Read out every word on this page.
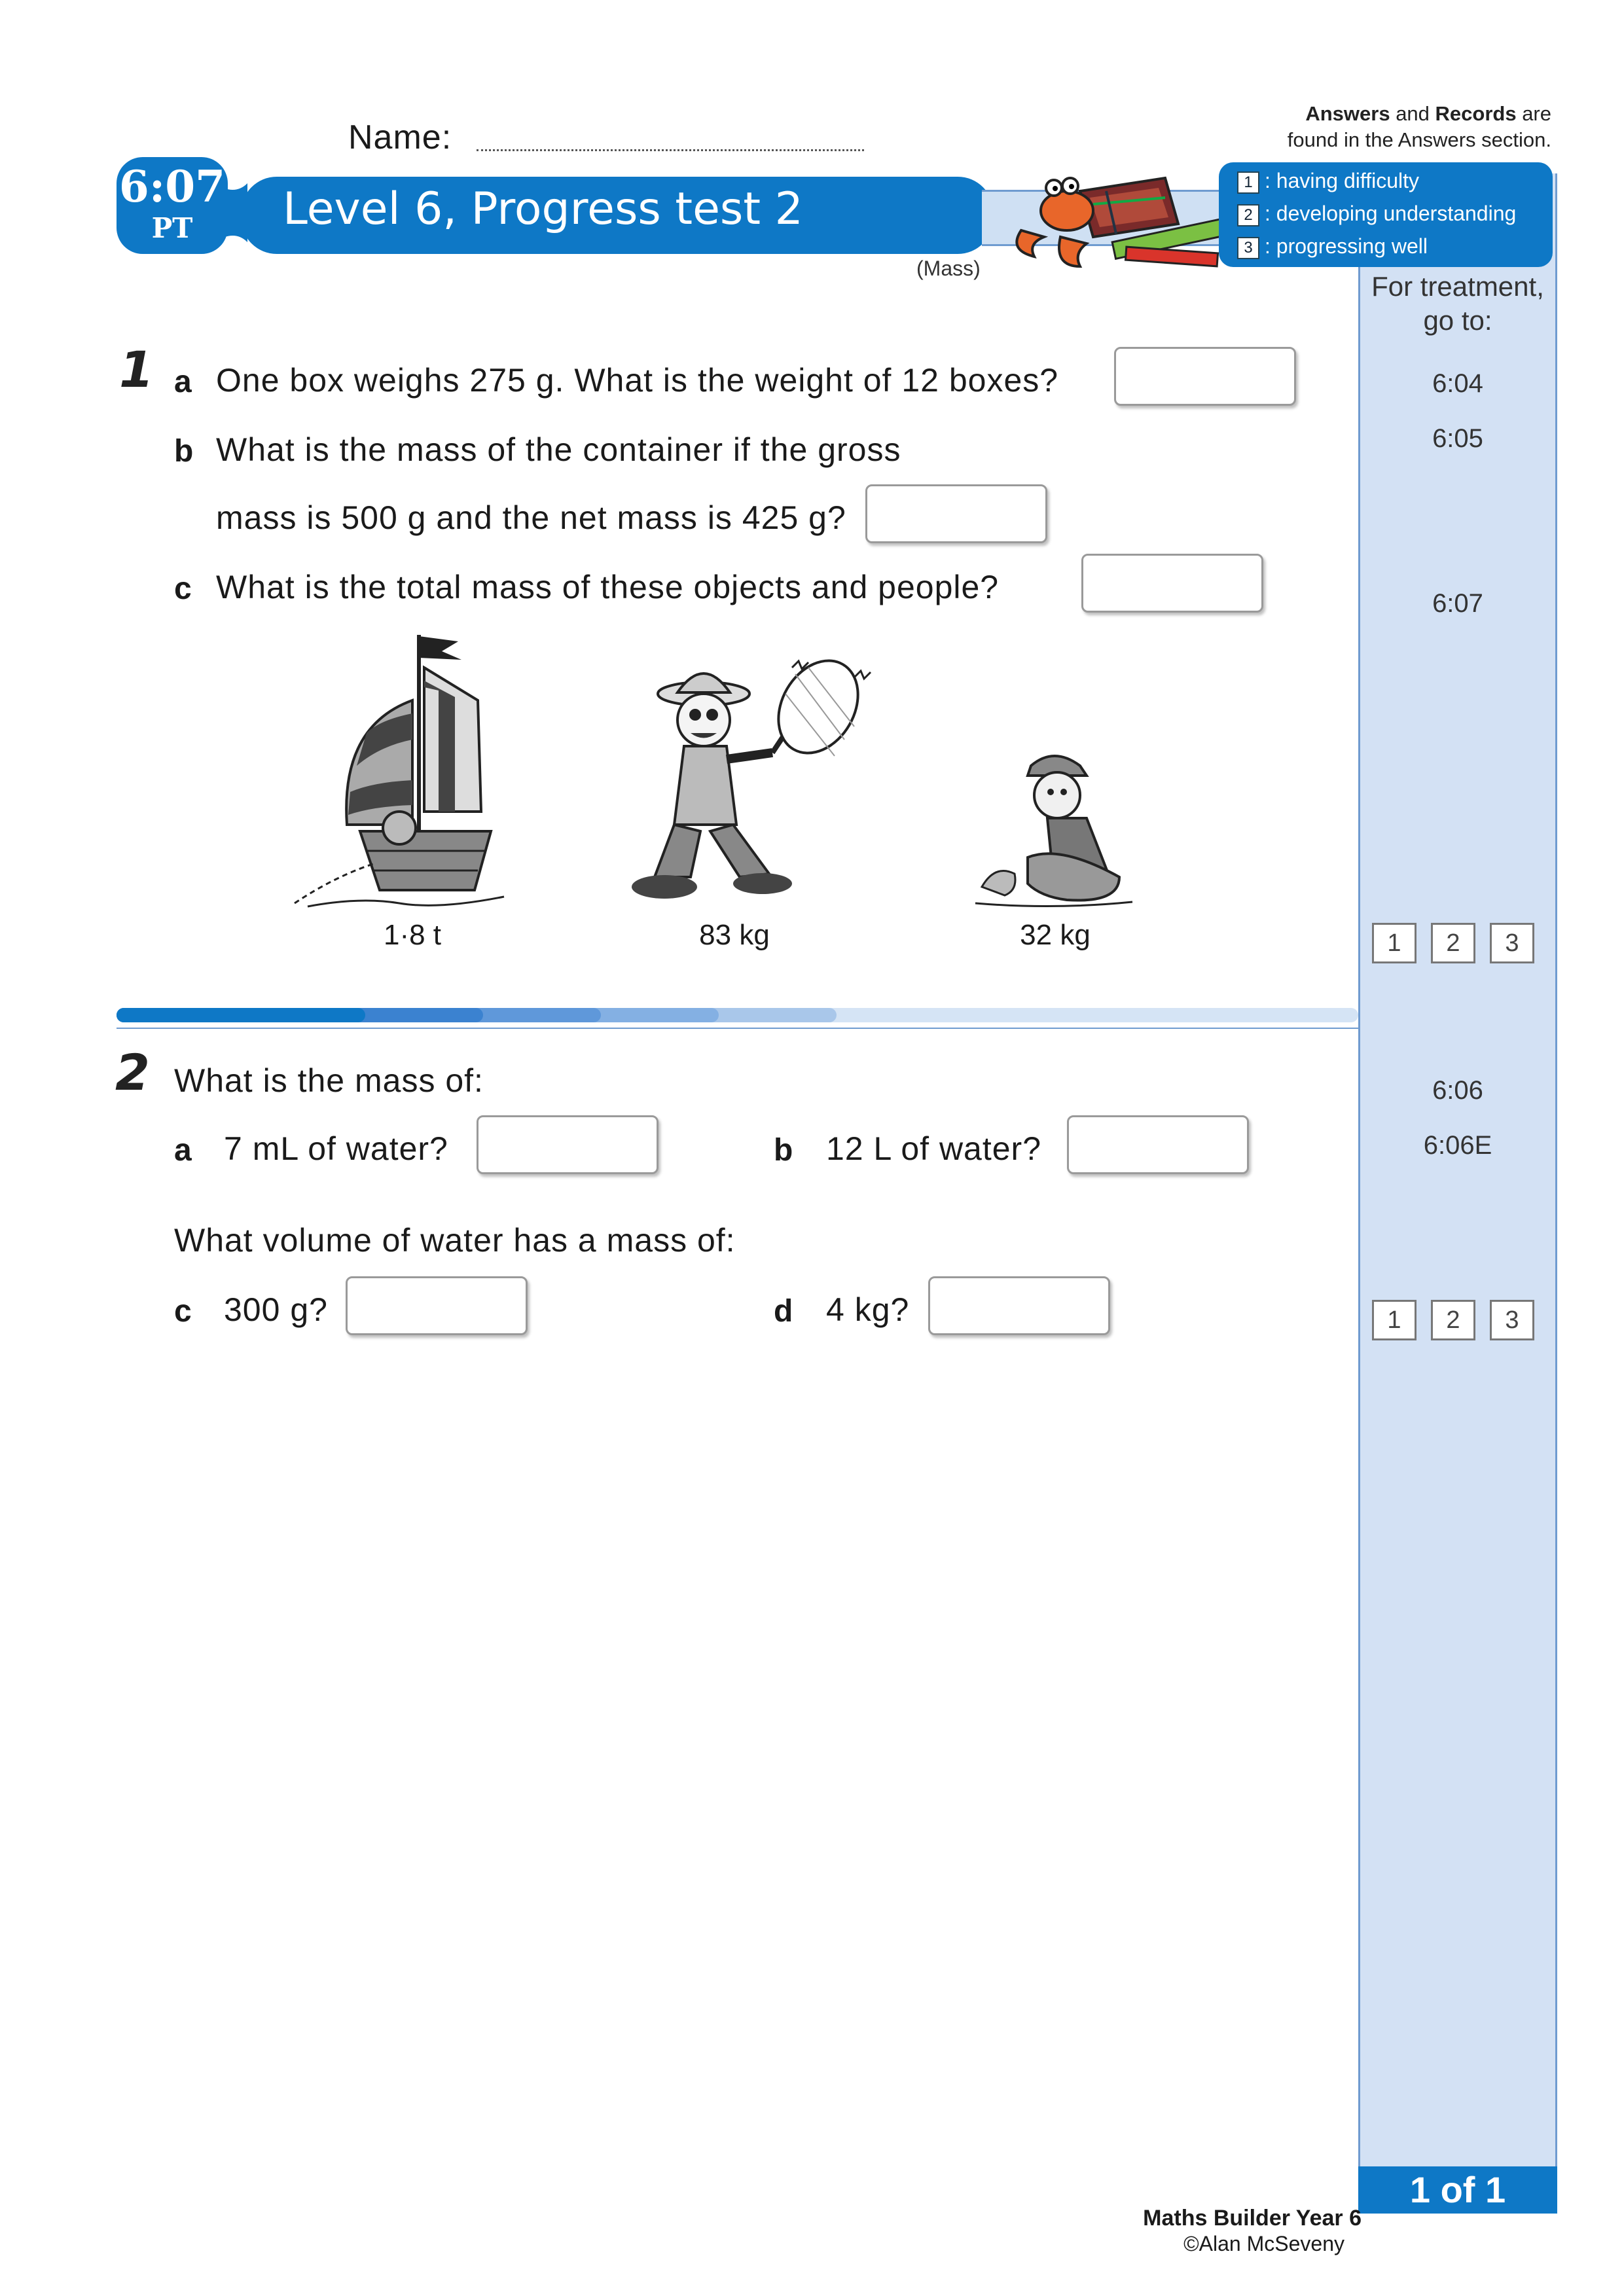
Name:
6:07
PT	Level 6, Progress test 2
(Mass)
Answers and Records are
found in the Answers section.
1 : having difficulty
2 : developing understanding
3 : progressing well
For treatment,
go to:
6:04
6:05
6:07
6:06
6:06E
1	2	3
1	2	3
1 of 1
1 a One box weighs 275 g. What is the weight of 12 boxes?
b What is the mass of the container if the gross
mass is 500 g and the net mass is 425 g?
c What is the total mass of these objects and people?
1·8 t	83 kg	32 kg
2 What is the mass of:
a 7 mL of water?	b 12 L of water?
What volume of water has a mass of:
c 300 g?	d 4 kg?
Maths Builder Year 6
©Alan McSeveny
